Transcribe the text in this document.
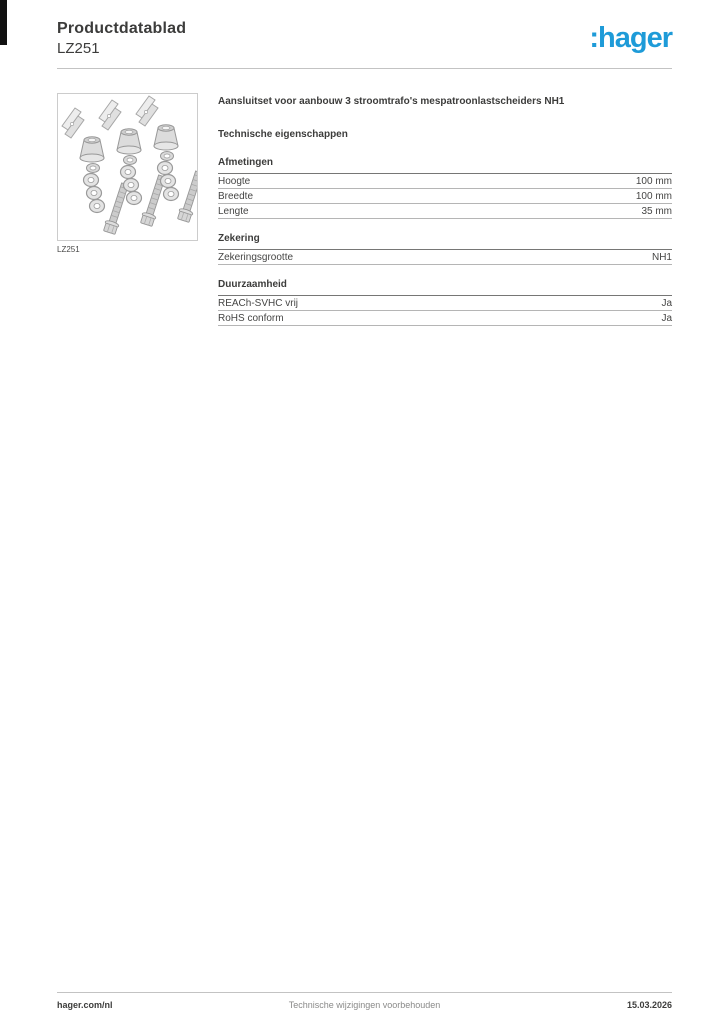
Productdatablad
LZ251	:hager
LZ251
Aansluitset voor aanbouw 3 stroomtrafo's mespatroonlastscheiders NH1
Technische eigenschappen
Afmetingen
Hoogte	100 mm
Breedte	100 mm
Lengte	35 mm
Zekering
Zekeringsgrootte	NH1
Duurzaamheid
REACh-SVHC vrij	Ja
RoHS conform	Ja
hager.com/nl	Technische wijzigingen voorbehouden	15.03.2026
